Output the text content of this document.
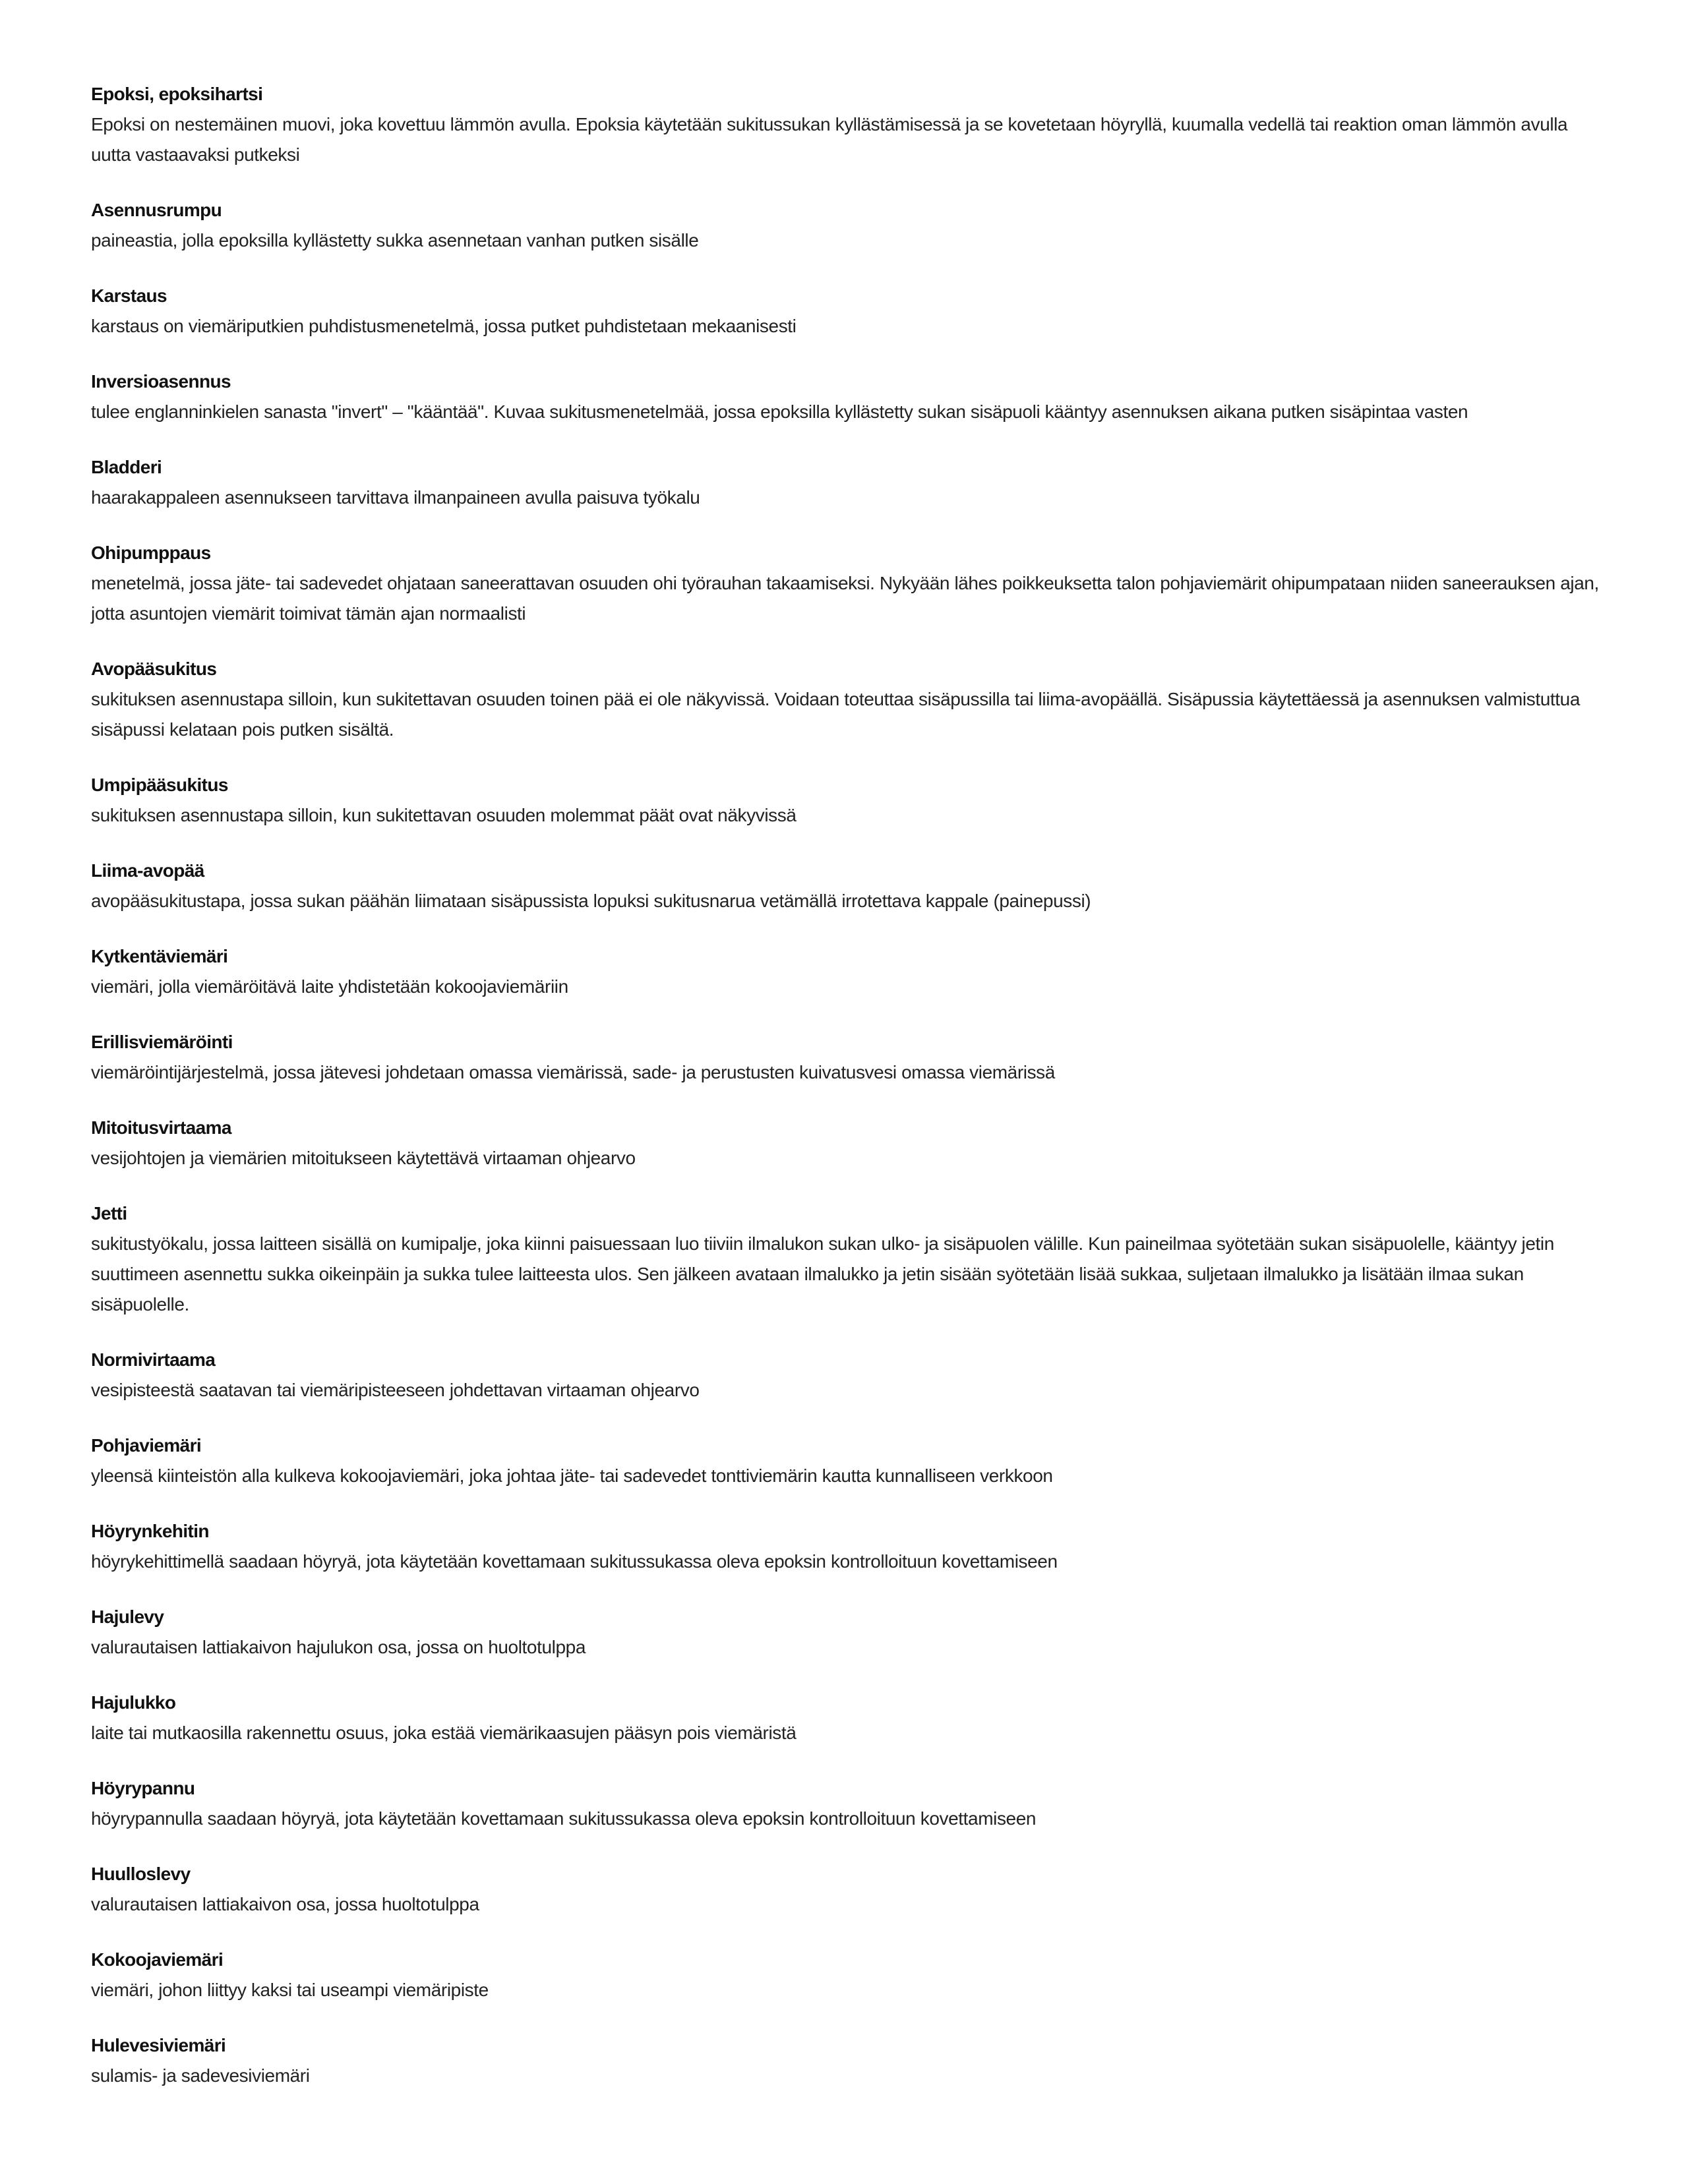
Epoksi, epoksihartsi
Epoksi on nestemäinen muovi, joka kovettuu lämmön avulla. Epoksia käytetään sukitussukan kyllästämisessä ja se kovetetaan höyryllä, kuumalla vedellä tai reaktion oman lämmön avulla uutta vastaavaksi putkeksi
Asennusrumpu
paineastia, jolla epoksilla kyllästetty sukka asennetaan vanhan putken sisälle
Karstaus
karstaus on viemäriputkien puhdistusmenetelmä, jossa putket puhdistetaan mekaanisesti
Inversioasennus
tulee englanninkielen sanasta "invert" – "kääntää". Kuvaa sukitusmenetelmää, jossa epoksilla kyllästetty sukan sisäpuoli kääntyy asennuksen aikana putken sisäpintaa vasten
Bladderi
haarakappaleen asennukseen tarvittava ilmanpaineen avulla paisuva työkalu
Ohipumppaus
menetelmä, jossa jäte- tai sadevedet ohjataan saneerattavan osuuden ohi työrauhan takaamiseksi. Nykyään lähes poikkeuksetta talon pohjaviemärit ohipumpataan niiden saneerauksen ajan, jotta asuntojen viemärit toimivat tämän ajan normaalisti
Avopääsukitus
sukituksen asennustapa silloin, kun sukitettavan osuuden toinen pää ei ole näkyvissä. Voidaan toteuttaa sisäpussilla tai liima-avopäällä. Sisäpussia käytettäessä ja asennuksen valmistuttua sisäpussi kelataan pois putken sisältä.
Umpipääsukitus
sukituksen asennustapa silloin, kun sukitettavan osuuden molemmat päät ovat näkyvissä
Liima-avopää
avopääsukitustapa, jossa sukan päähän liimataan sisäpussista lopuksi sukitusnarua vetämällä irrotettava kappale (painepussi)
Kytkentäviemäri
viemäri, jolla viemäröitävä laite yhdistetään kokoojaviemäriin
Erillisviemäröinti
viemäröintijärjestelmä, jossa jätevesi johdetaan omassa viemärissä, sade- ja perustusten kuivatusvesi omassa viemärissä
Mitoitusvirtaama
vesijohtojen ja viemärien mitoitukseen käytettävä virtaaman ohjearvo
Jetti
sukitustyökalu, jossa laitteen sisällä on kumipalje, joka kiinni paisuessaan luo tiiviin ilmalukon sukan ulko- ja sisäpuolen välille. Kun paineilmaa syötetään sukan sisäpuolelle, kääntyy jetin suuttimeen asennettu sukka oikeinpäin ja sukka tulee laitteesta ulos. Sen jälkeen avataan ilmalukko ja jetin sisään syötetään lisää sukkaa, suljetaan ilmalukko ja lisätään ilmaa sukan sisäpuolelle.
Normivirtaama
vesipisteestä saatavan tai viemäripisteeseen johdettavan virtaaman ohjearvo
Pohjaviemäri
yleensä kiinteistön alla kulkeva kokoojaviemäri, joka johtaa jäte- tai sadevedet tonttiviemärin kautta kunnalliseen verkkoon
Höyrynkehitin
höyrykehittimellä saadaan höyryä, jota käytetään kovettamaan sukitussukassa oleva epoksin kontrolloituun kovettamiseen
Hajulevy
valurautaisen lattiakaivon hajulukon osa, jossa on huoltotulppa
Hajulukko
laite tai mutkaosilla rakennettu osuus, joka estää viemärikaasujen pääsyn pois viemäristä
Höyrypannu
höyrypannulla saadaan höyryä, jota käytetään kovettamaan sukitussukassa oleva epoksin kontrolloituun kovettamiseen
Huulloslevy
valurautaisen lattiakaivon osa, jossa huoltotulppa
Kokoojaviemäri
viemäri, johon liittyy kaksi tai useampi viemäripiste
Hulevesiviemäri
sulamis- ja sadevesiviemäri
